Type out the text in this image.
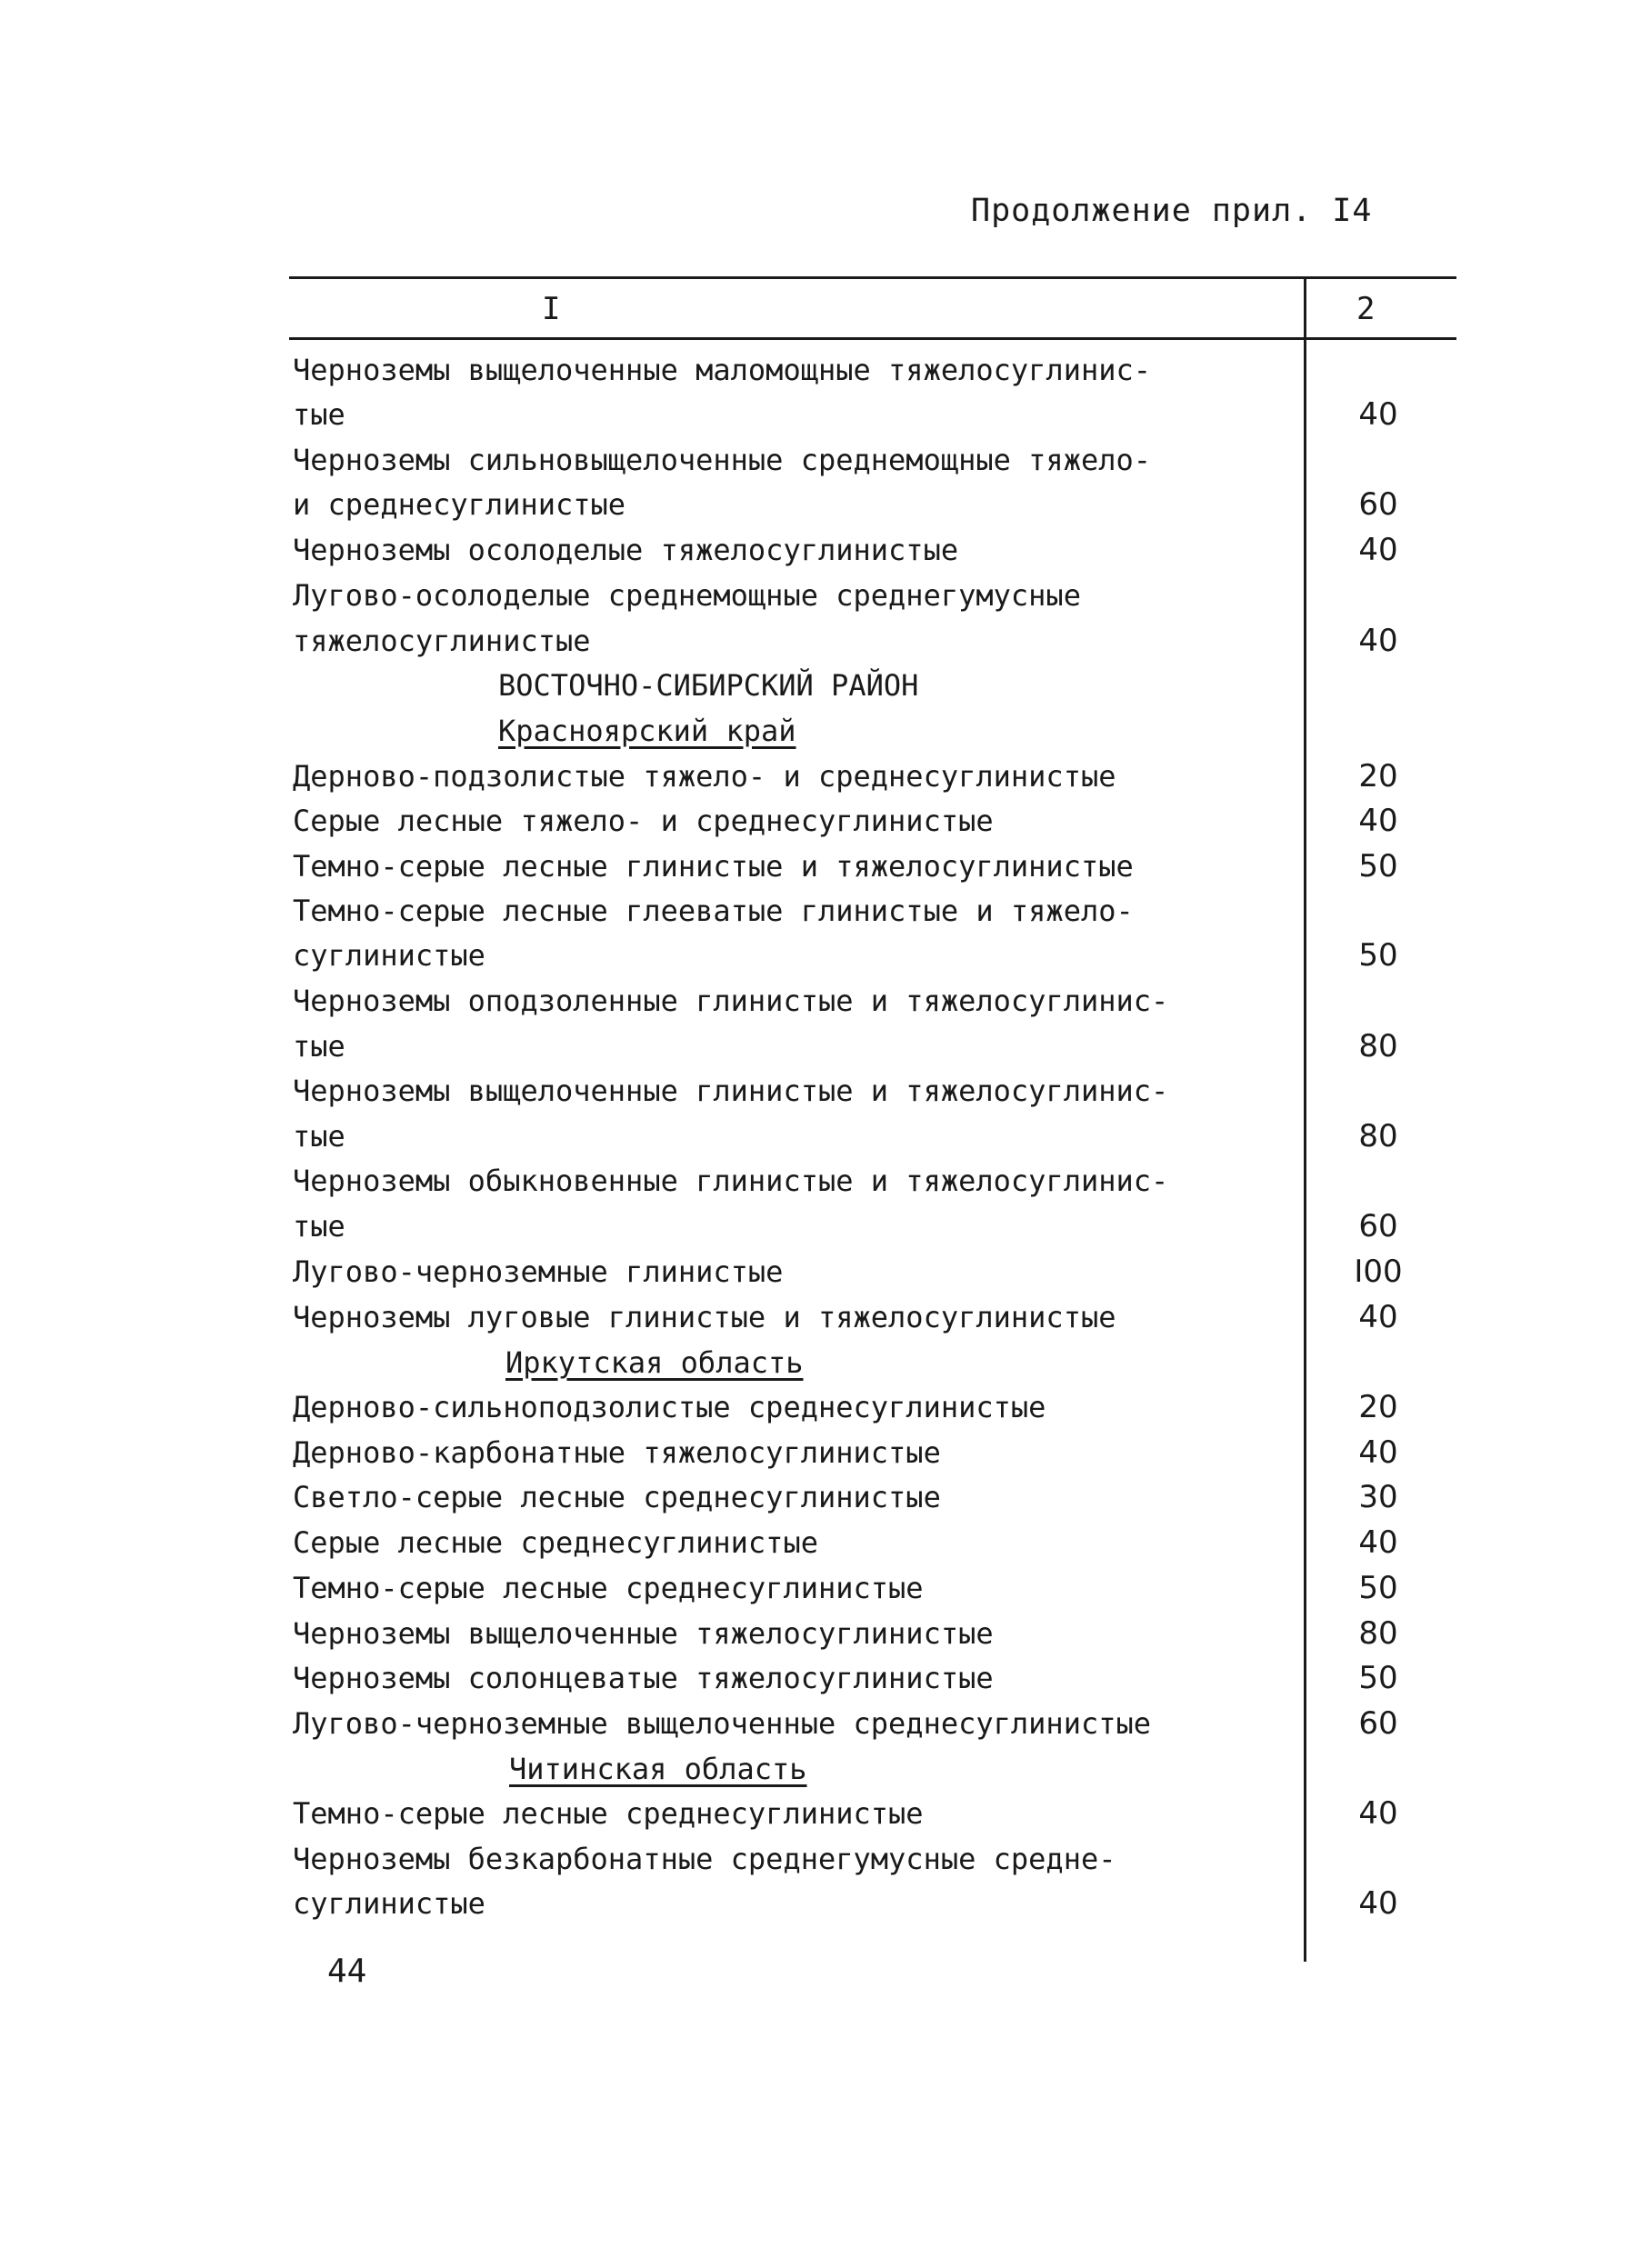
Продолжение прил. I4
I	2
Черноземы выщелоченные маломощные тяжелосуглинис-
тые	40
Черноземы сильновыщелоченные среднемощные тяжело-
и среднесуглинистые	60
Черноземы осолоделые тяжелосуглинистые	40
Лугово-осолоделые среднемощные среднегумусные
тяжелосуглинистые	40
ВОСТОЧНО-СИБИРСКИЙ РАЙОН
Красноярский край
Дерново-подзолистые тяжело- и среднесуглинистые	20
Серые лесные тяжело- и среднесуглинистые	40
Темно-серые лесные глинистые и тяжелосуглинистые	50
Темно-серые лесные глееватые глинистые и тяжело-
суглинистые	50
Черноземы оподзоленные глинистые и тяжелосуглинис-
тые	80
Черноземы выщелоченные глинистые и тяжелосуглинис-
тые	80
Черноземы обыкновенные глинистые и тяжелосуглинис-
тые	60
Лугово-черноземные глинистые	I00
Черноземы луговые глинистые и тяжелосуглинистые	40
Иркутская область
Дерново-сильноподзолистые среднесуглинистые	20
Дерново-карбонатные тяжелосуглинистые	40
Светло-серые лесные среднесуглинистые	30
Серые лесные среднесуглинистые	40
Темно-серые лесные среднесуглинистые	50
Черноземы выщелоченные тяжелосуглинистые	80
Черноземы солонцеватые тяжелосуглинистые	50
Лугово-черноземные выщелоченные среднесуглинистые	60
Читинская область
Темно-серые лесные среднесуглинистые	40
Черноземы безкарбонатные среднегумусные средне-
суглинистые	40
44
